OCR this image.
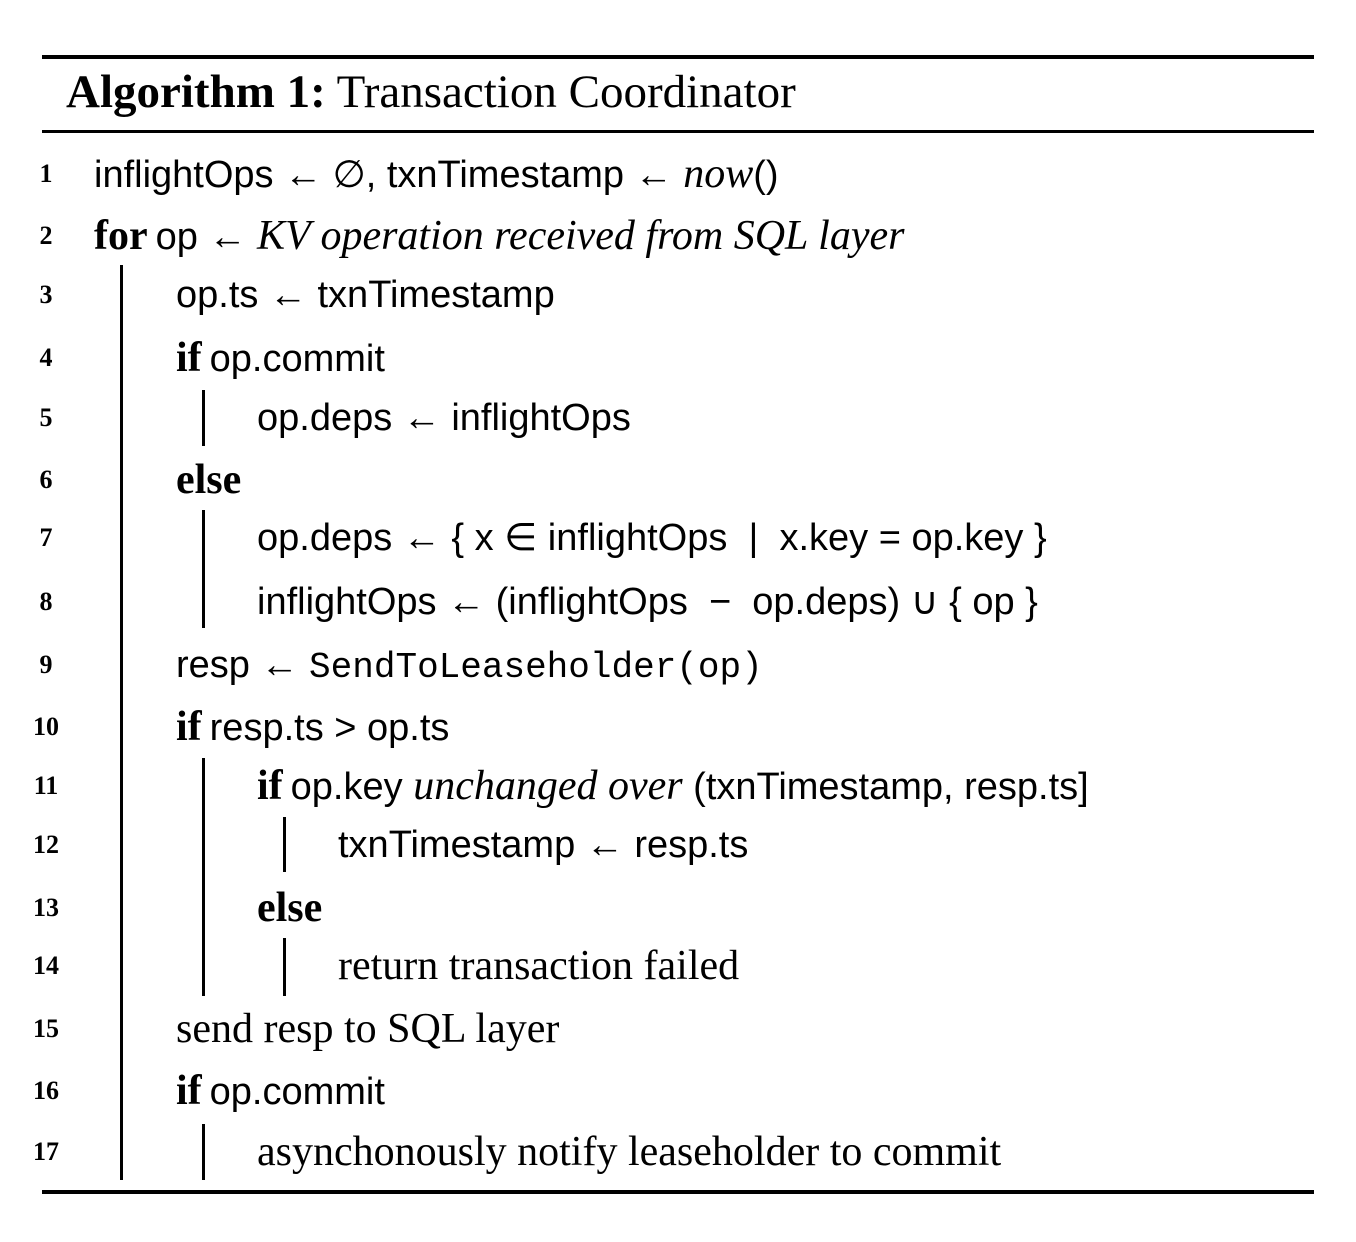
Algorithm 1: Transaction Coordinator
1	inflightOps ← ∅, txnTimestamp ← now()
2 for op ← KV operation received from SQL layer
3	op.ts ← txnTimestamp
4	if op.commit
5	op.deps ← inflightOps
6	else
7	op.deps ← { x ∈ inflightOps  |  x.key = op.key }
8	inflightOps ← (inflightOps  −  op.deps) ∪ { op }
9	resp ← SendToLeaseholder(op)
10	if resp.ts > op.ts
11	if op.key unchanged over (txnTimestamp, resp.ts]
12	txnTimestamp ← resp.ts
13	else
14	return transaction failed
15	send resp to SQL layer
16	if op.commit
17	asynchonously notify leaseholder to commit
